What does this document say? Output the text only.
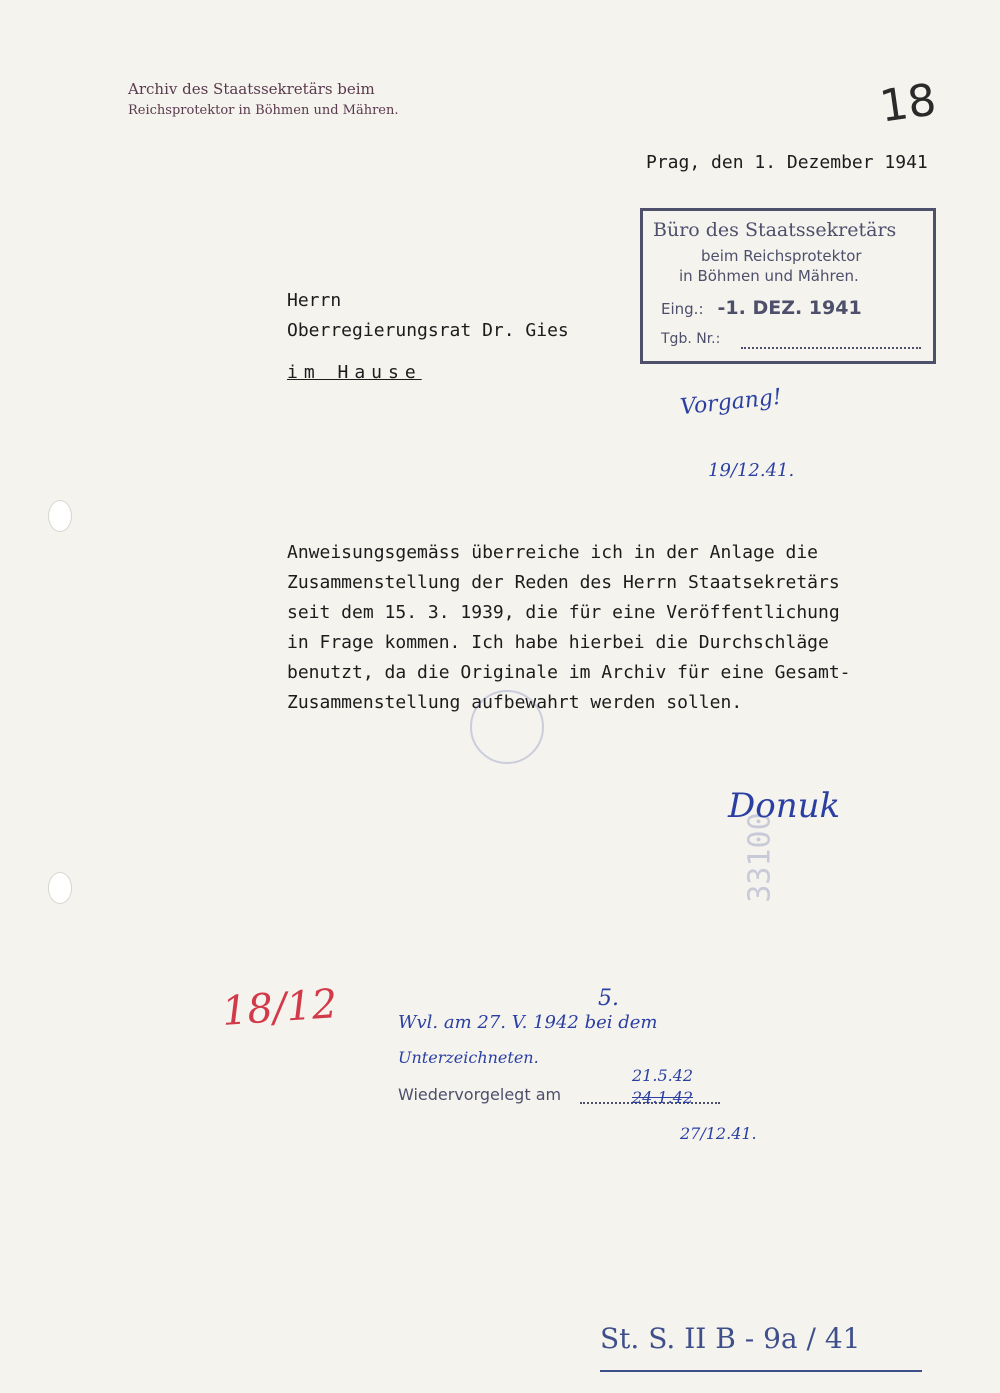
Archiv des Staatssekretärs beim
Reichsprotektor in Böhmen und Mähren.	18
Prag, den 1. Dezember 1941
Büro des Staatssekretärs
beim Reichsprotektor
in Böhmen und Mähren.
Eing.: -1. DEZ. 1941
Tgb. Nr.:
Herrn
Oberregierungsrat Dr. Gies
im Hause
Vorgang!
19/12.41.
Anweisungsgemäss überreiche ich in der Anlage die
Zusammenstellung der Reden des Herrn Staatsekretärs
seit dem 15. 3. 1939, die für eine Veröffentlichung
in Frage kommen. Ich habe hierbei die Durchschläge
benutzt, da die Originale im Archiv für eine Gesamt-
Zusammenstellung aufbewahrt werden sollen.
33100
Donuk
18/12	5.
Wvl. am 27. V. 1942 bei dem
Unterzeichneten.
Wiedervorgelegt am
21.5.42
24.1.42
27/12.41.
St. S. II B - 9a / 41
